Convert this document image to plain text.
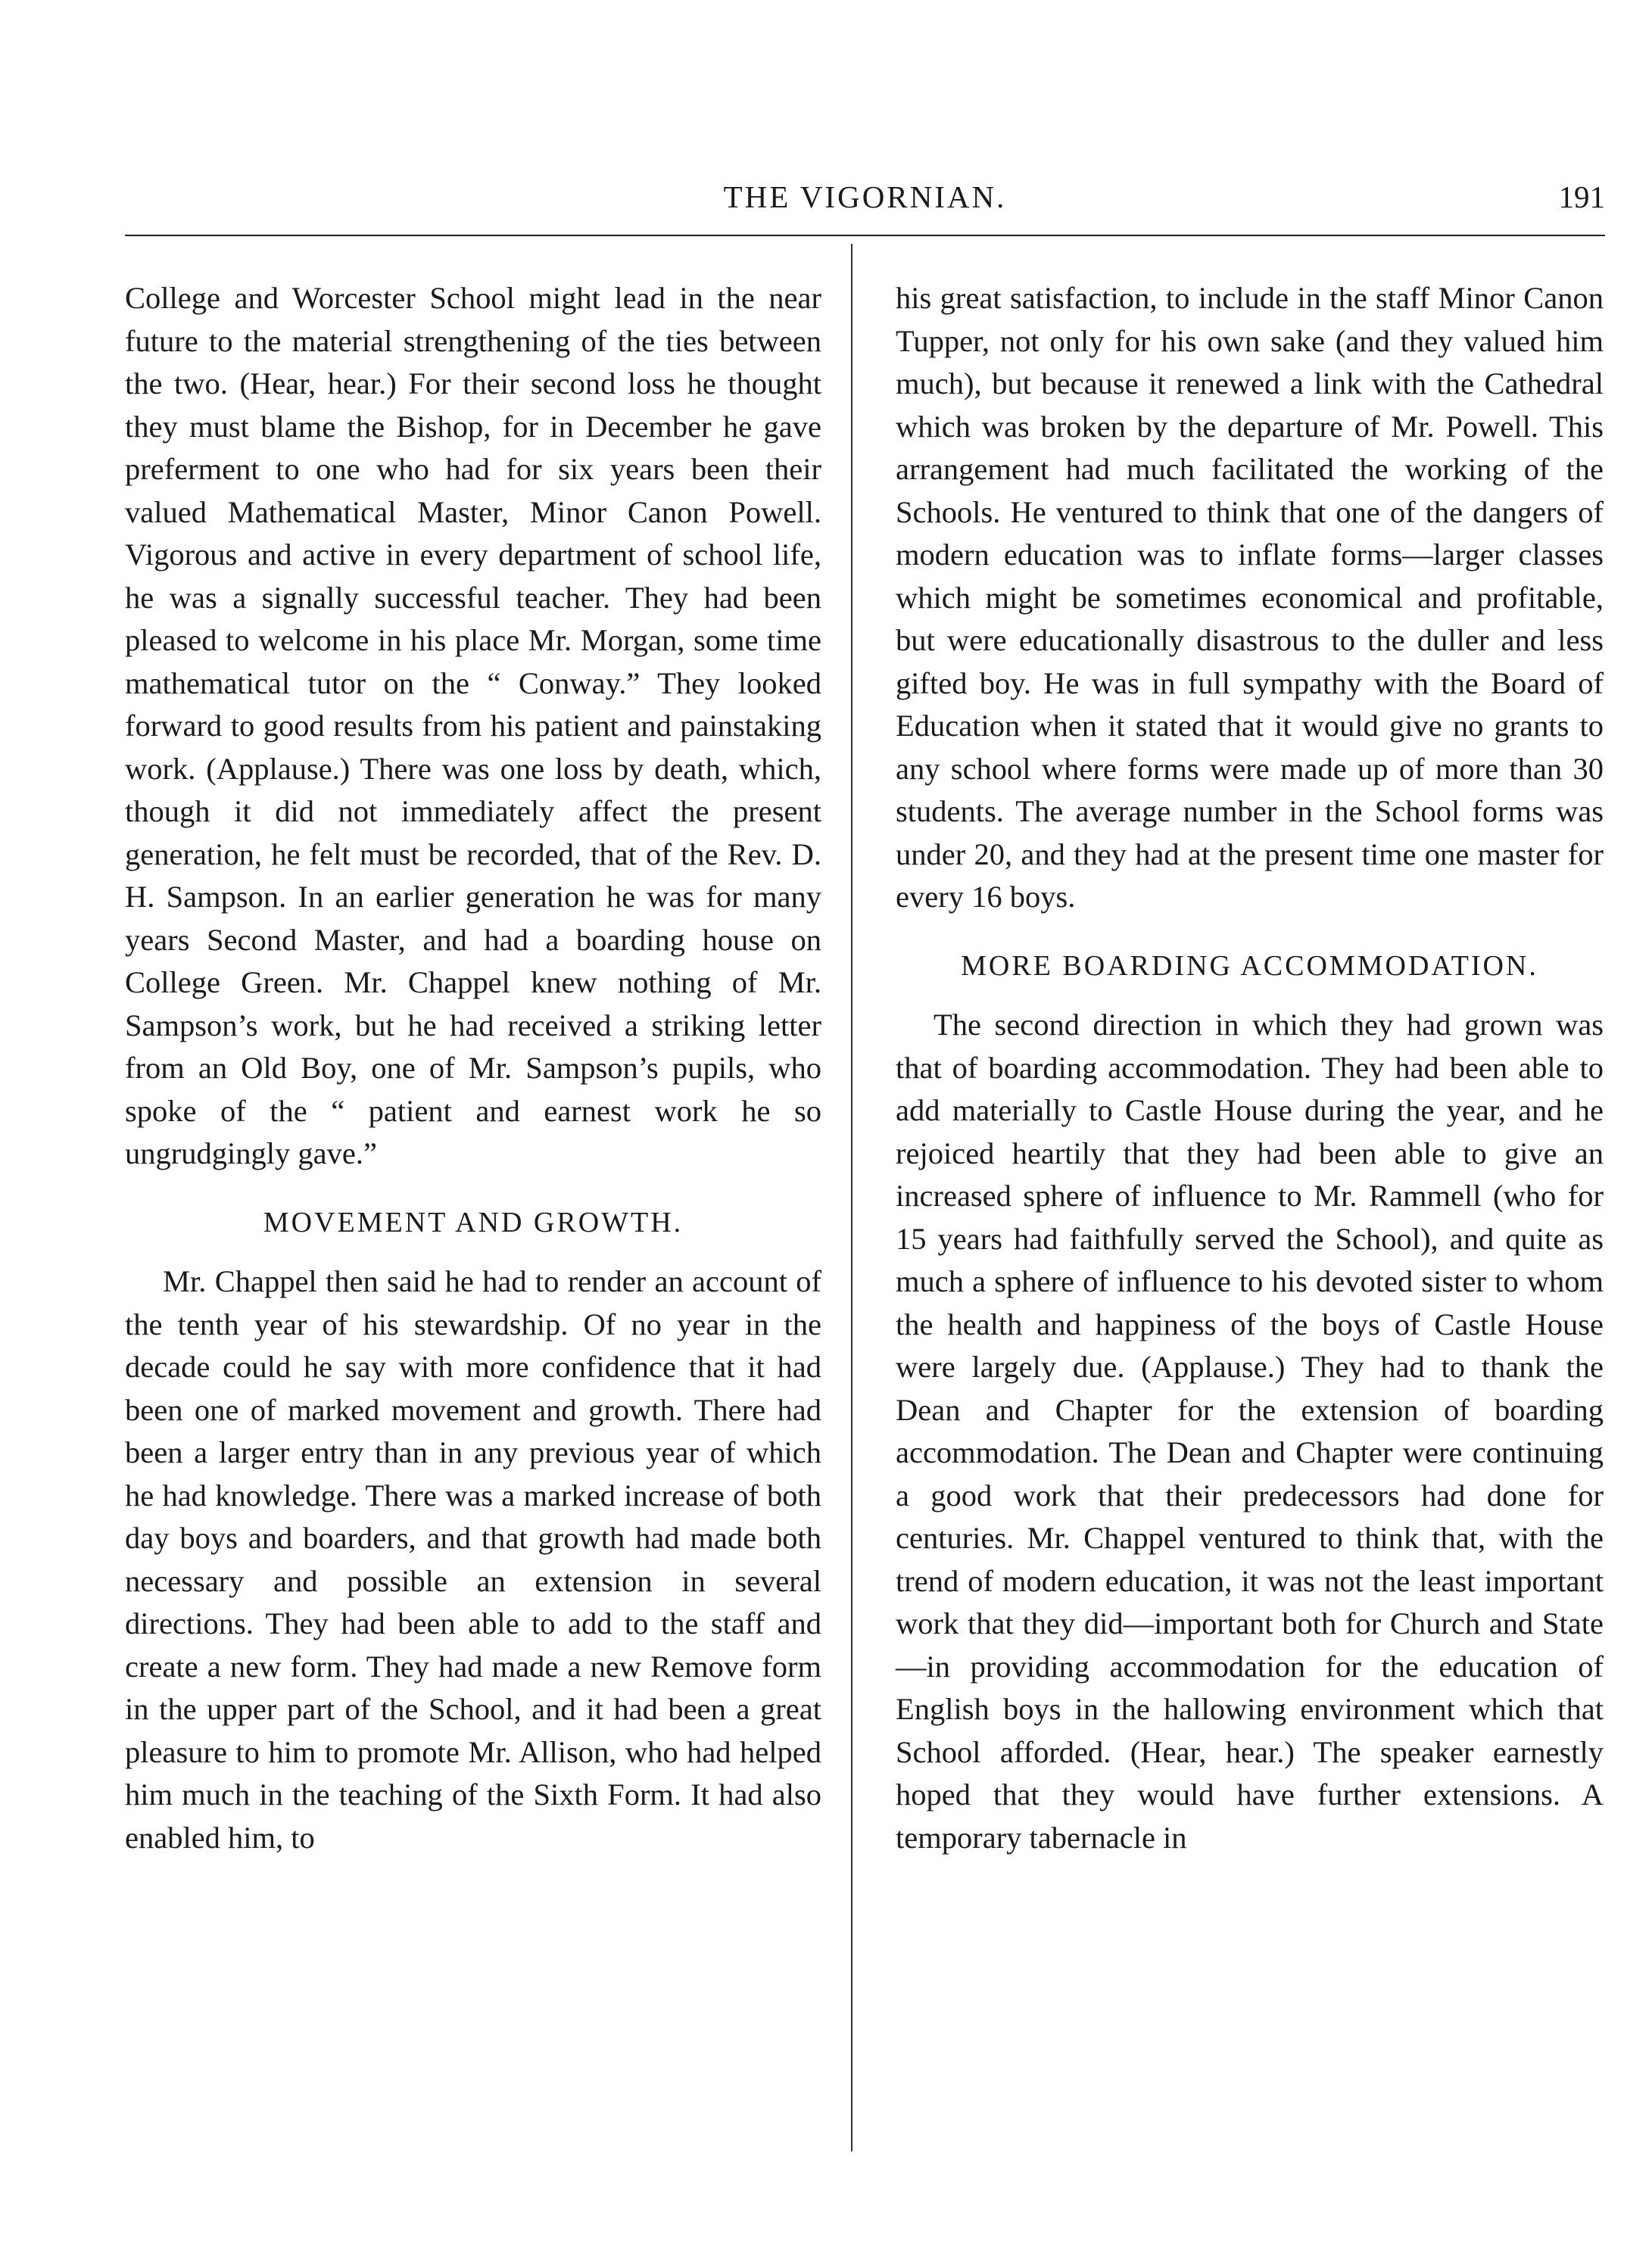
THE VIGORNIAN.	191

College and Worcester School might lead in the near future to the material strengthening of the ties between the two. (Hear, hear.) For their second loss he thought they must blame the Bishop, for in December he gave preferment to one who had for six years been their valued Mathematical Master, Minor Canon Powell. Vigorous and active in every department of school life, he was a signally successful teacher. They had been pleased to welcome in his place Mr. Morgan, some time mathematical tutor on the “ Conway.” They looked forward to good results from his patient and painstaking work. (Applause.) There was one loss by death, which, though it did not immediately affect the present generation, he felt must be recorded, that of the Rev. D. H. Sampson. In an earlier generation he was for many years Second Master, and had a boarding house on College Green. Mr. Chappel knew nothing of Mr. Sampson’s work, but he had received a striking letter from an Old Boy, one of Mr. Sampson’s pupils, who spoke of the “ patient and earnest work he so ungrudgingly gave.”

MOVEMENT AND GROWTH.

Mr. Chappel then said he had to render an account of the tenth year of his stewardship. Of no year in the decade could he say with more confidence that it had been one of marked movement and growth. There had been a larger entry than in any previous year of which he had knowledge. There was a marked increase of both day boys and boarders, and that growth had made both necessary and possible an extension in several directions. They had been able to add to the staff and create a new form. They had made a new Remove form in the upper part of the School, and it had been a great pleasure to him to promote Mr. Allison, who had helped him much in the teaching of the Sixth Form. It had also enabled him, to

his great satisfaction, to include in the staff Minor Canon Tupper, not only for his own sake (and they valued him much), but because it renewed a link with the Cathedral which was broken by the departure of Mr. Powell. This arrangement had much facilitated the working of the Schools. He ventured to think that one of the dangers of modern education was to inflate forms—larger classes which might be sometimes economical and profitable, but were educationally disastrous to the duller and less gifted boy. He was in full sympathy with the Board of Education when it stated that it would give no grants to any school where forms were made up of more than 30 students. The average number in the School forms was under 20, and they had at the present time one master for every 16 boys.

MORE BOARDING ACCOMMODATION.

The second direction in which they had grown was that of boarding accommodation. They had been able to add materially to Castle House during the year, and he rejoiced heartily that they had been able to give an increased sphere of influence to Mr. Rammell (who for 15 years had faithfully served the School), and quite as much a sphere of influence to his devoted sister to whom the health and happiness of the boys of Castle House were largely due. (Applause.) They had to thank the Dean and Chapter for the extension of boarding accommodation. The Dean and Chapter were continuing a good work that their predecessors had done for centuries. Mr. Chappel ventured to think that, with the trend of modern education, it was not the least important work that they did—important both for Church and State —in providing accommodation for the education of English boys in the hallowing environment which that School afforded. (Hear, hear.) The speaker earnestly hoped that they would have further extensions. A temporary tabernacle in
